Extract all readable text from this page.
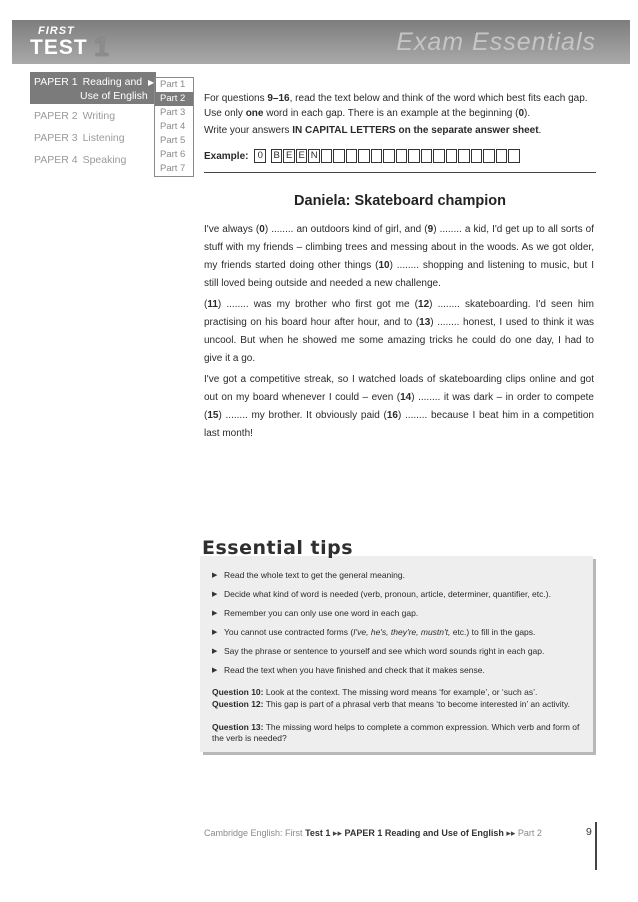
FIRST
TEST 1	Exam Essentials
PAPER 1 Reading and
Use of English
▶
PAPER 2 Writing
PAPER 3 Listening
PAPER 4 Speaking
Part 1
Part 2
Part 3
Part 4
Part 5
Part 6
Part 7

For questions 9–16, read the text below and think of the word which best fits each gap. Use only one word in each gap. There is an example at the beginning (0).

Write your answers IN CAPITAL LETTERS on the separate answer sheet.

Example: 0	B E E N
Daniela: Skateboard champion

I've always (0) ........ an outdoors kind of girl, and (9) ........ a kid, I'd get up to all sorts of stuff with my friends – climbing trees and messing about in the woods. As we got older, my friends started doing other things (10) ........ shopping and listening to music, but I still loved being outside and needed a new challenge.

(11) ........ was my brother who first got me (12) ........ skateboarding. I'd seen him practising on his board hour after hour, and to (13) ........ honest, I used to think it was uncool. But when he showed me some amazing tricks he could do one day, I had to give it a go.

I've got a competitive streak, so I watched loads of skateboarding clips online and got out on my board whenever I could – even (14) ........ it was dark – in order to compete (15) ........ my brother. It obviously paid (16) ........ because I beat him in a competition last month!

Essential tips
▶ Read the whole text to get the general meaning.
▶ Decide what kind of word is needed (verb, pronoun, article, determiner, quantifier, etc.).
▶ Remember you can only use one word in each gap.
▶ You cannot use contracted forms (I've, he's, they're, mustn't, etc.) to fill in the gaps.
▶ Say the phrase or sentence to yourself and see which word sounds right in each gap.
▶ Read the text when you have finished and check that it makes sense.

Question 10: Look at the context. The missing word means ‘for example’, or ‘such as’.

Question 12: This gap is part of a phrasal verb that means ‘to become interested in’ an activity.

Question 13: The missing word helps to complete a common expression. Which verb and form of the verb is needed?

Cambridge English: First Test 1 ▸▸ PAPER 1 Reading and Use of English ▸▸ Part 2	9
